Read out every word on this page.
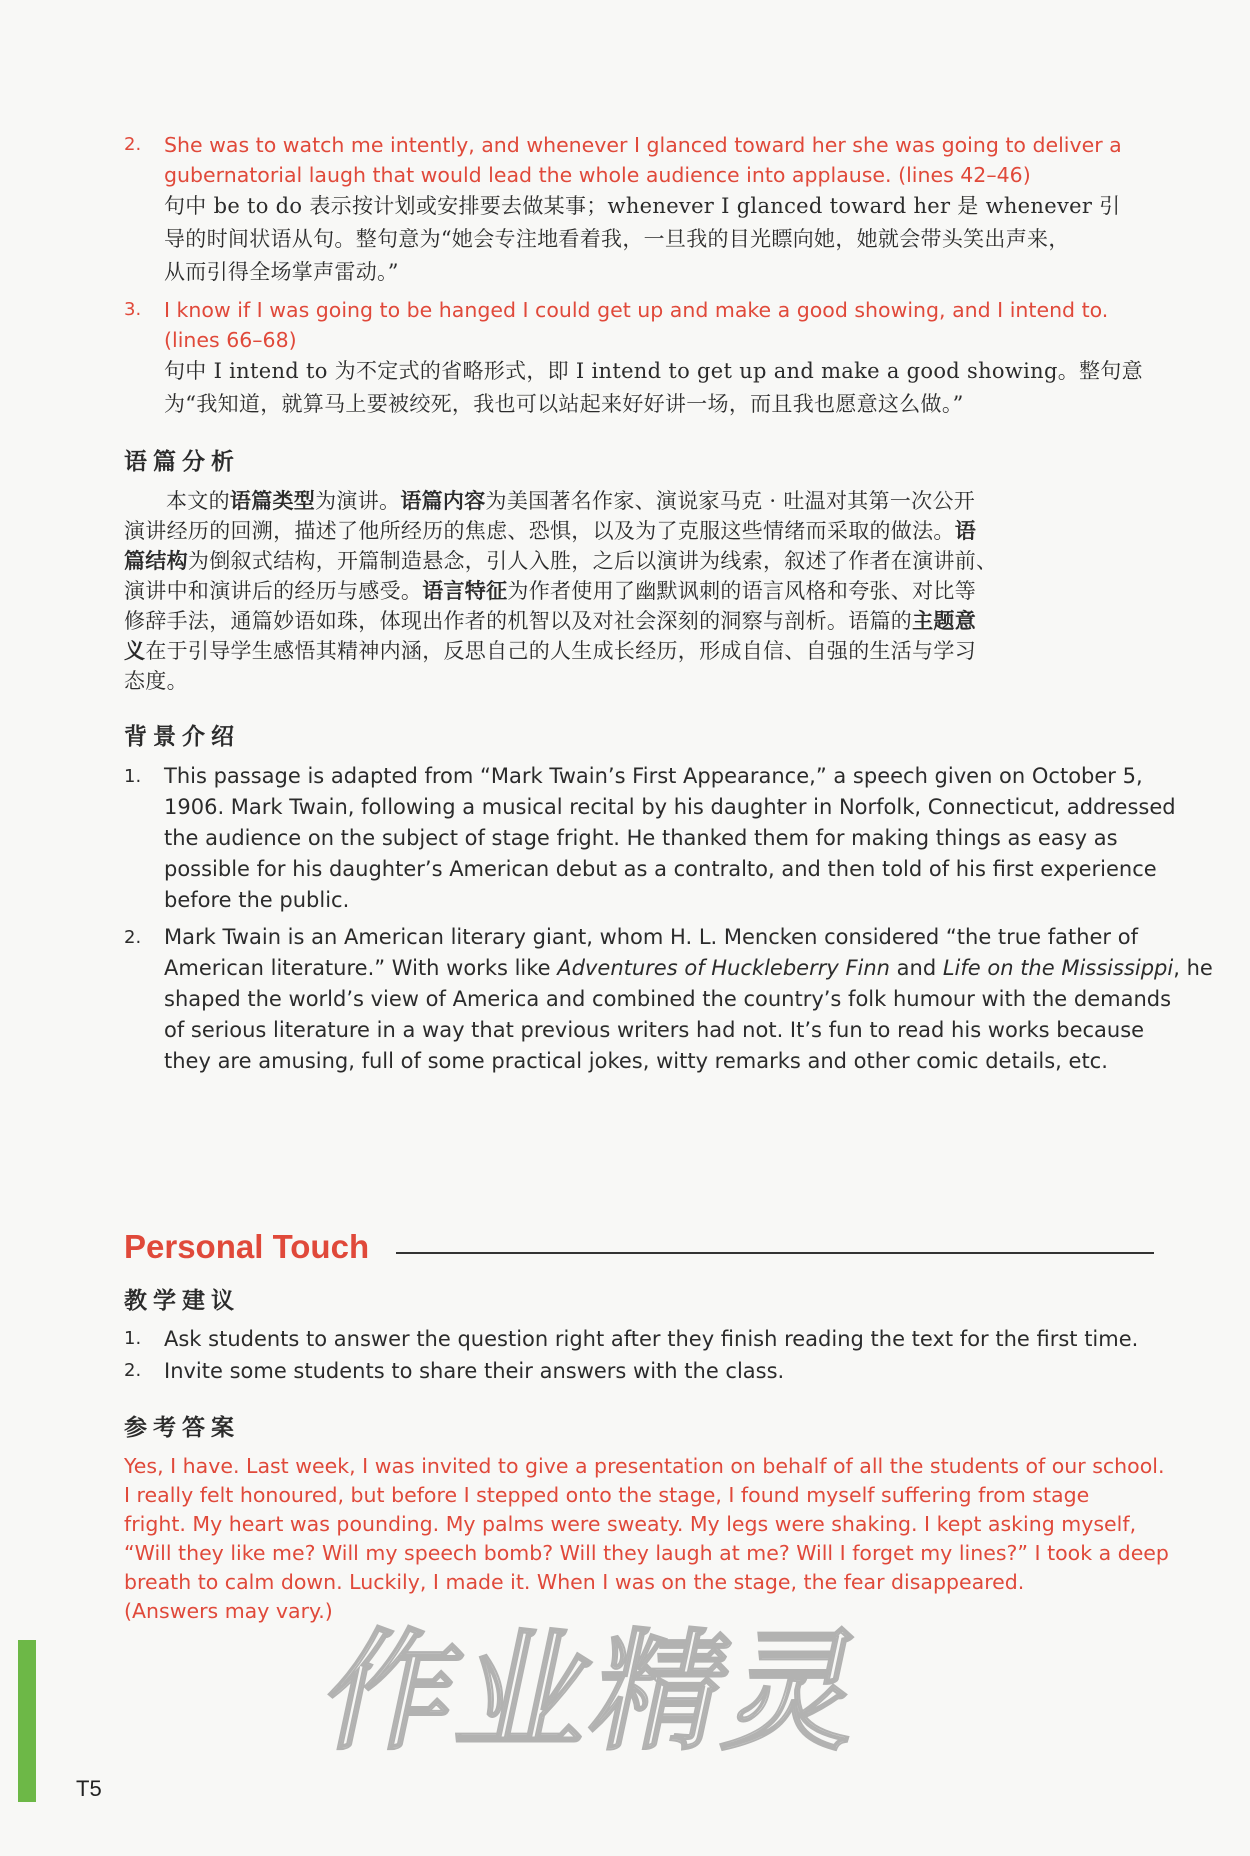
2. She was to watch me intently, and whenever I glanced toward her she was going to deliver a
gubernatorial laugh that would lead the whole audience into applause. (lines 42–46)
句中 be to do 表示按计划或安排要去做某事；whenever I glanced toward her 是 whenever 引
导的时间状语从句。整句意为“她会专注地看着我，一旦我的目光瞟向她，她就会带头笑出声来，
从而引得全场掌声雷动。”
3. I know if I was going to be hanged I could get up and make a good showing, and I intend to.
(lines 66–68)
句中 I intend to 为不定式的省略形式，即 I intend to get up and make a good showing。整句意
为“我知道，就算马上要被绞死，我也可以站起来好好讲一场，而且我也愿意这么做。”
语篇分析
本文的语篇类型为演讲。语篇内容为美国著名作家、演说家马克 · 吐温对其第一次公开
演讲经历的回溯，描述了他所经历的焦虑、恐惧，以及为了克服这些情绪而采取的做法。语
篇结构为倒叙式结构，开篇制造悬念，引人入胜，之后以演讲为线索，叙述了作者在演讲前、
演讲中和演讲后的经历与感受。语言特征为作者使用了幽默讽刺的语言风格和夸张、对比等
修辞手法，通篇妙语如珠，体现出作者的机智以及对社会深刻的洞察与剖析。语篇的主题意
义在于引导学生感悟其精神内涵，反思自己的人生成长经历，形成自信、自强的生活与学习
态度。
背景介绍
1. This passage is adapted from “Mark Twain’s First Appearance,” a speech given on October 5,
1906. Mark Twain, following a musical recital by his daughter in Norfolk, Connecticut, addressed
the audience on the subject of stage fright. He thanked them for making things as easy as
possible for his daughter’s American debut as a contralto, and then told of his first experience
before the public.
2. Mark Twain is an American literary giant, whom H. L. Mencken considered “the true father of
American literature.” With works like Adventures of Huckleberry Finn and Life on the Mississippi, he
shaped the world’s view of America and combined the country’s folk humour with the demands
of serious literature in a way that previous writers had not. It’s fun to read his works because
they are amusing, full of some practical jokes, witty remarks and other comic details, etc.
Personal Touch
教学建议
1. Ask students to answer the question right after they finish reading the text for the first time.
2. Invite some students to share their answers with the class.
参考答案
Yes, I have. Last week, I was invited to give a presentation on behalf of all the students of our school.
I really felt honoured, but before I stepped onto the stage, I found myself suffering from stage
fright. My heart was pounding. My palms were sweaty. My legs were shaking. I kept asking myself,
“Will they like me? Will my speech bomb? Will they laugh at me? Will I forget my lines?” I took a deep
breath to calm down. Luckily, I made it. When I was on the stage, the fear disappeared.
(Answers may vary.)
作业精灵
T5
